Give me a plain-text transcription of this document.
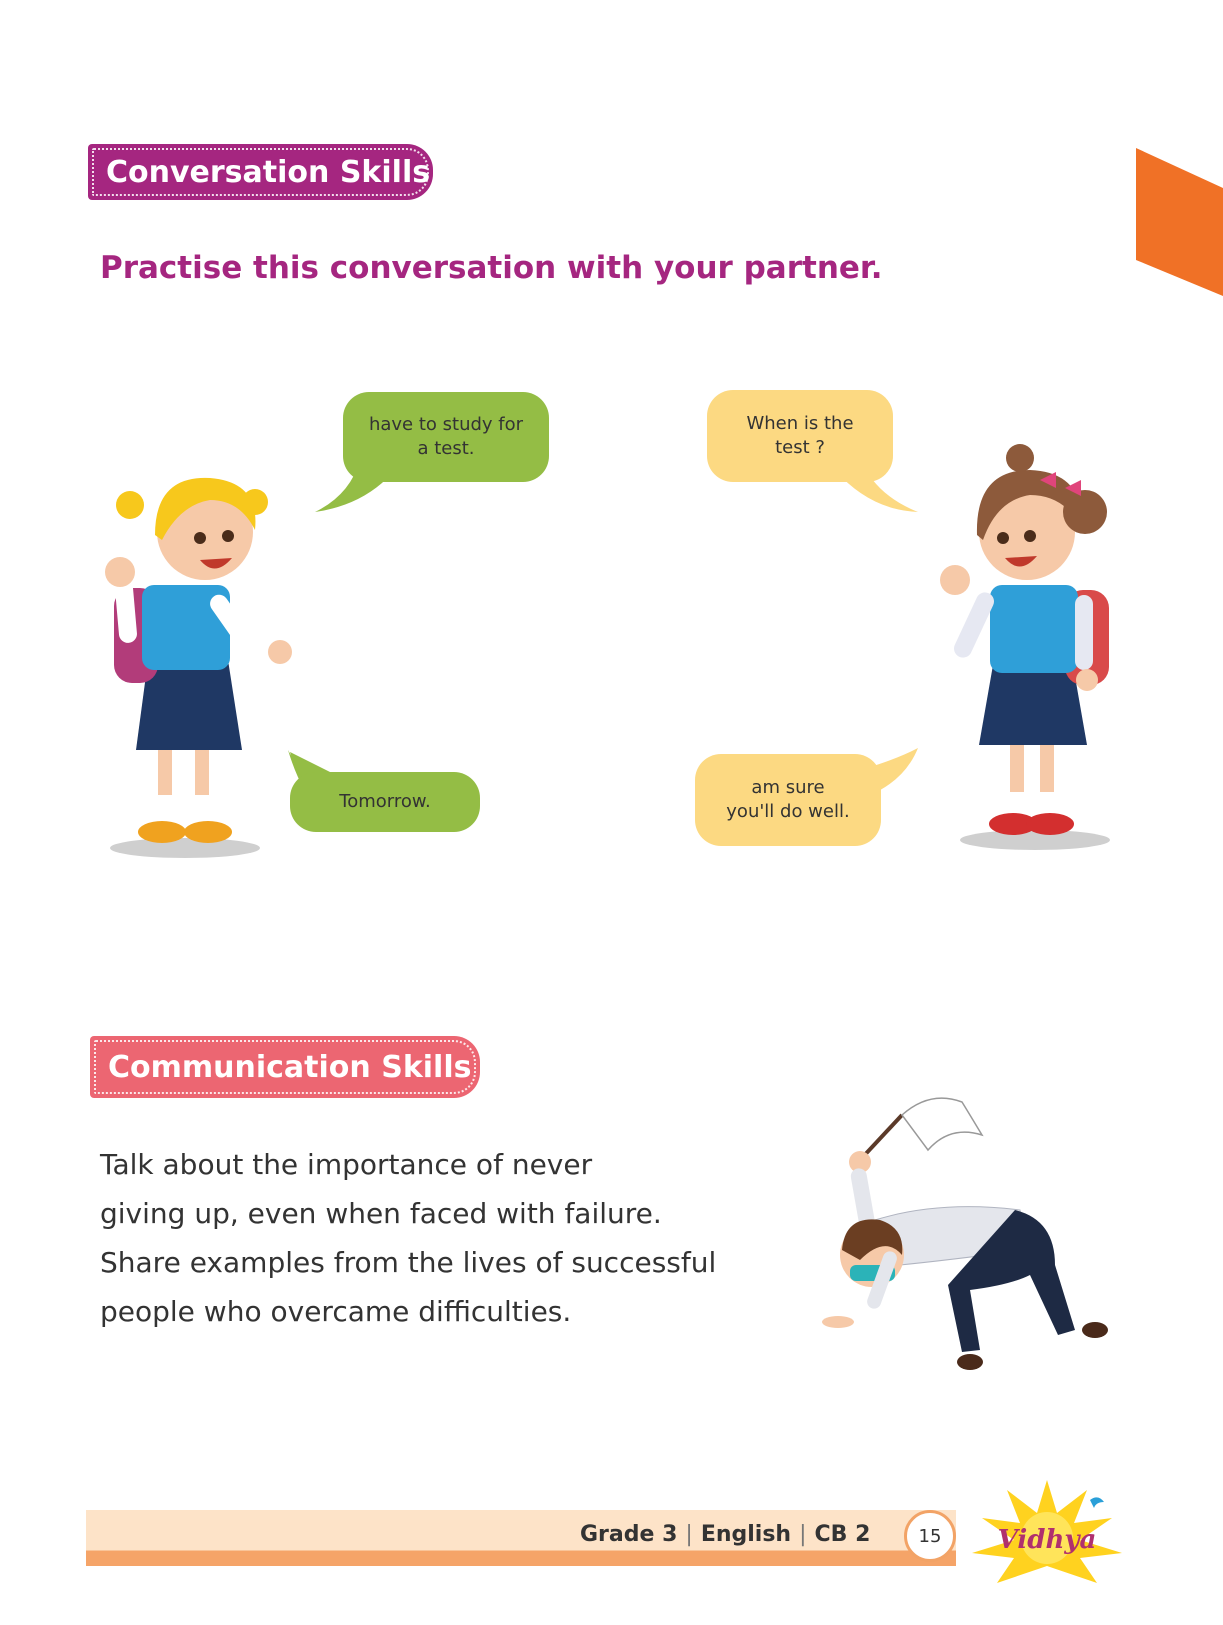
Conversation Skills
Practise this conversation with your partner.
have to study for
a test.
When is the
test ?
Tomorrow.
am sure
you'll do well.
Communication Skills
Talk about the importance of never
giving up, even when faced with failure.
Share examples from the lives of successful
people who overcame difficulties.
Grade 3 | English | CB 2	15	Vidhya
